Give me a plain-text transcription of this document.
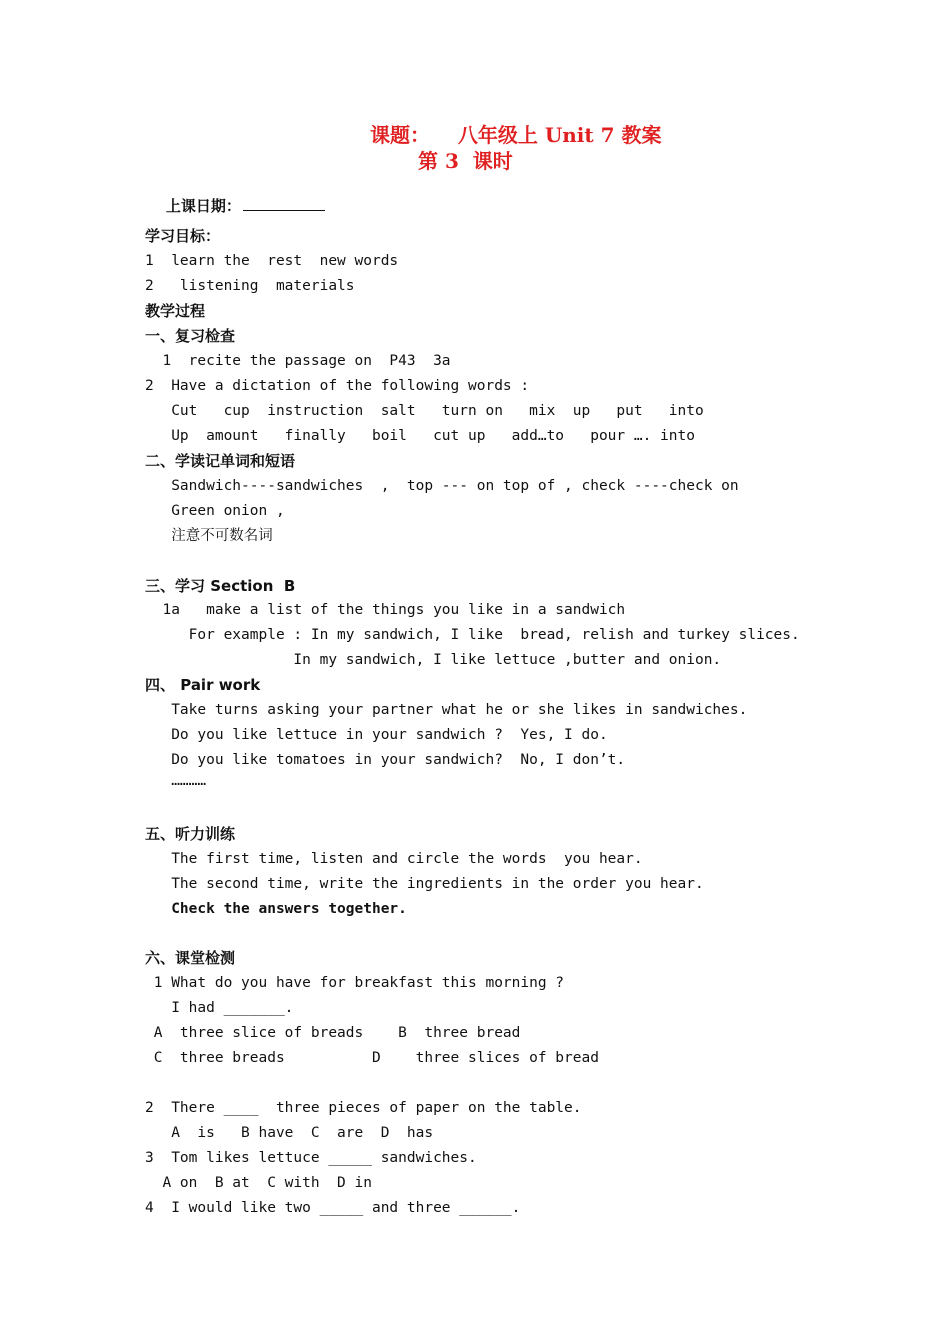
课题：    八年级上 Unit 7 教案
第 3  课时

上课日期：

学习目标：
1  learn the  rest  new words
2   listening  materials
教学过程
一、复习检查
1  recite the passage on  P43  3a
2  Have a dictation of the following words :
Cut   cup  instruction  salt   turn on   mix  up   put   into
Up  amount   finally   boil   cut up   add…to   pour …. into
二、学读记单词和短语
Sandwich----sandwiches  ,  top --- on top of , check ----check on
Green onion ,
注意不可数名词
三、学习 Section  B
1a   make a list of the things you like in a sandwich
For example : In my sandwich, I like  bread, relish and turkey slices.
In my sandwich, I like lettuce ,butter and onion.
四、 Pair work
Take turns asking your partner what he or she likes in sandwiches.
Do you like lettuce in your sandwich ?  Yes, I do.
Do you like tomatoes in your sandwich?  No, I don’t.
…………
五、听力训练
The first time, listen and circle the words  you hear.
The second time, write the ingredients in the order you hear.
Check the answers together.
六、课堂检测
1 What do you have for breakfast this morning ?
I had _______.
A  three slice of breads    B  three bread
C  three breads          D    three slices of bread
2  There ____  three pieces of paper on the table.
A  is   B have  C  are  D  has
3  Tom likes lettuce _____ sandwiches.
A on  B at  C with  D in
4  I would like two _____ and three ______.
